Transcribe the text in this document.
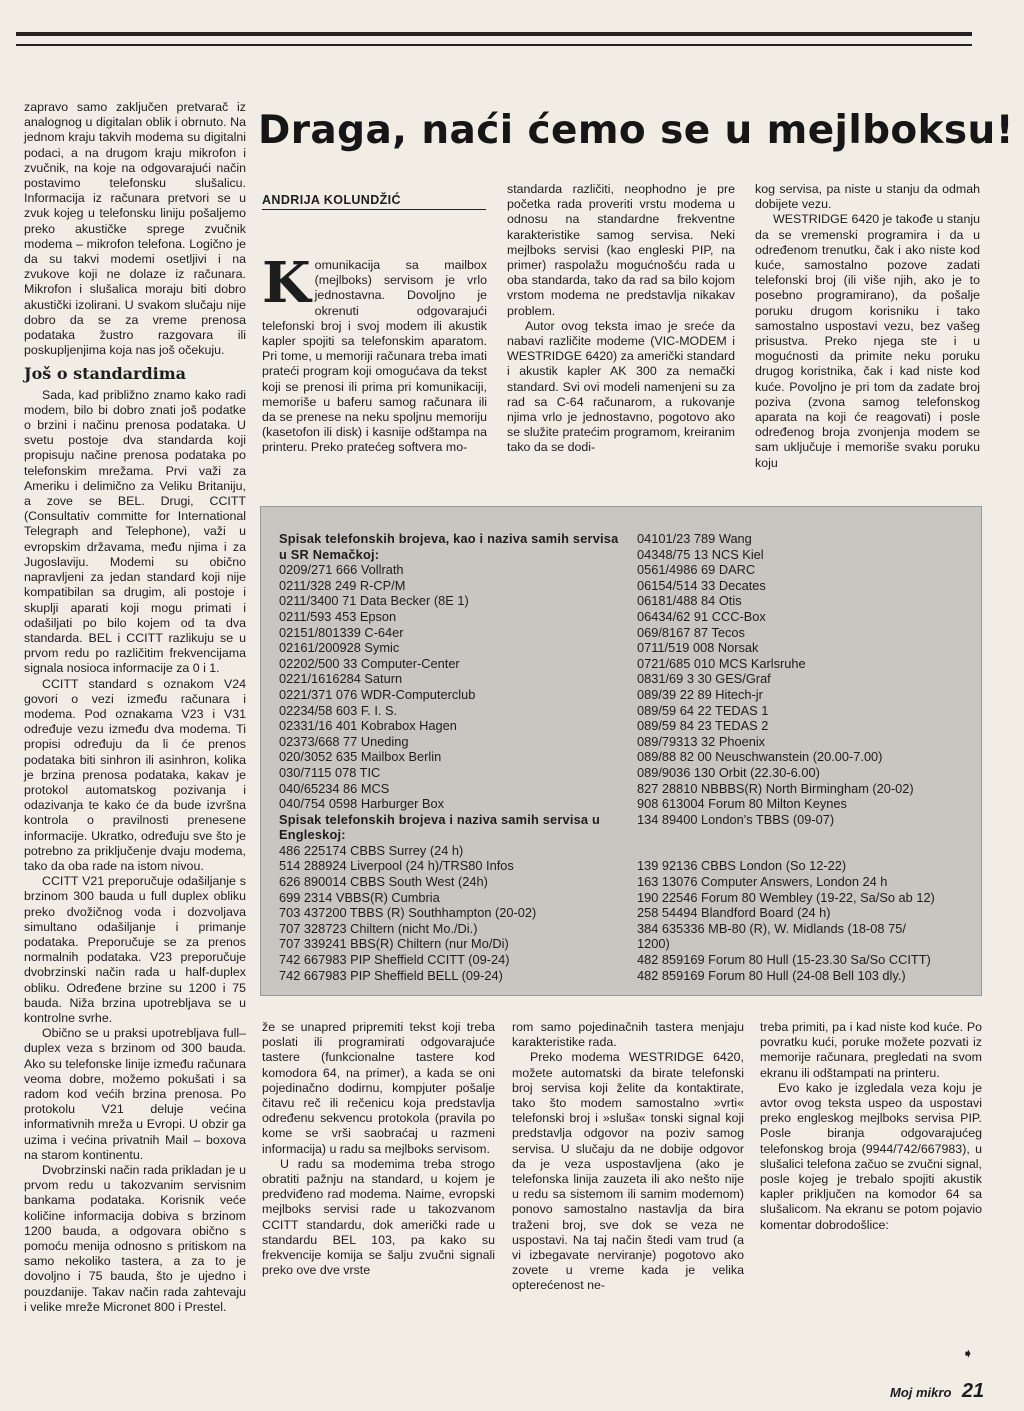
zapravo samo zaključen pretvarač iz analognog u digitalan oblik i obrnuto. Na jednom kraju takvih modema su digitalni podaci, a na drugom kraju mikrofon i zvučnik, na koje na odgovarajući način postavimo telefonsku slušalicu. Informacija iz računara pretvori se u zvuk kojeg u telefonsku liniju pošaljemo preko akustičke sprege zvučnik modema – mikrofon telefona. Logično je da su takvi modemi osetljivi i na zvukove koji ne dolaze iz računara. Mikrofon i slušalica moraju biti dobro akustički izolirani. U svakom slučaju nije dobro da se za vreme prenosa podataka žustro razgovara ili poskupljenjima koja nas još očekuju.

Još o standardima

Sada, kad približno znamo kako radi modem, bilo bi dobro znati još podatke o brzini i načinu prenosa podataka. U svetu postoje dva standarda koji propisuju načine prenosa podataka po telefonskim mrežama. Prvi važi za Ameriku i delimično za Veliku Britaniju, a zove se BEL. Drugi, CCITT (Consultativ committe for International Telegraph and Telephone), važi u evropskim državama, među njima i za Jugoslaviju. Modemi su obično napravljeni za jedan standard koji nije kompatibilan sa drugim, ali postoje i skuplji aparati koji mogu primati i odašiljati po bilo kojem od ta dva standarda. BEL i CCITT razlikuju se u prvom redu po različitim frekvencijama signala nosioca informacije za 0 i 1.

CCITT standard s oznakom V24 govori o vezi između računara i modema. Pod oznakama V23 i V31 određuje vezu između dva modema. Ti propisi određuju da li će prenos podataka biti sinhron ili asinhron, kolika je brzina prenosa podataka, kakav je protokol automatskog pozivanja i odazivanja te kako će da bude izvršna kontrola o pravilnosti prenesene informacije. Ukratko, određuju sve što je potrebno za priključenje dvaju modema, tako da oba rade na istom nivou.

CCITT V21 preporučuje odašiljanje s brzinom 300 bauda u full duplex obliku preko dvožičnog voda i dozvoljava simultano odašiljanje i primanje podataka. Preporučuje se za prenos normalnih podataka. V23 preporučuje dvobrzinski način rada u half-duplex obliku. Određene brzine su 1200 i 75 bauda. Niža brzina upotrebljava se u kontrolne svrhe.

Obično se u praksi upotrebljava full–duplex veza s brzinom od 300 bauda. Ako su telefonske linije između računara veoma dobre, možemo pokušati i sa radom kod većih brzina prenosa. Po protokolu V21 deluje većina informativnih mreža u Evropi. U obzir ga uzima i većina privatnih Mail – boxova na starom kontinentu.

Dvobrzinski način rada prikladan je u prvom redu u takozvanim servisnim bankama podataka. Korisnik veće količine informacija dobiva s brzinom 1200 bauda, a odgovara obično s pomoću menija odnosno s pritiskom na samo nekoliko tastera, a za to je dovoljno i 75 bauda, što je ujedno i pouzdanije. Takav način rada zahtevaju i velike mreže Micronet 800 i Prestel.

Draga, naći ćemo se u mejlboksu!
ANDRIJA KOLUNDŽIĆ
K omunikacija sa mailbox (mejlboks) servisom je vrlo jednostavna. Dovoljno je okrenuti odgovarajući telefonski broj i svoj modem ili akustik kapler spojiti sa telefonskim aparatom. Pri tome, u memoriji računara treba imati prateći program koji omogućava da tekst koji se prenosi ili prima pri komunikaciji, memoriše u baferu samog računara ili da se prenese na neku spoljnu memoriju (kasetofon ili disk) i kasnije odštampa na printeru. Preko pratećeg softvera mo-

standarda različiti, neophodno je pre početka rada proveriti vrstu modema u odnosu na standardne frekventne karakteristike samog servisa. Neki mejlboks servisi (kao engleski PIP, na primer) raspolažu mogućnošću rada u oba standarda, tako da rad sa bilo kojom vrstom modema ne predstavlja nikakav problem.

Autor ovog teksta imao je sreće da nabavi različite modeme (VIC-MODEM i WESTRIDGE 6420) za američki standard i akustik kapler AK 300 za nemački standard. Svi ovi modeli namenjeni su za rad sa C-64 računarom, a rukovanje njima vrlo je jednostavno, pogotovo ako se služite pratećim programom, kreiranim tako da se dodi-

kog servisa, pa niste u stanju da odmah dobijete vezu.

WESTRIDGE 6420 je takođe u stanju da se vremenski programira i da u određenom trenutku, čak i ako niste kod kuće, samostalno pozove zadati telefonski broj (ili više njih, ako je to posebno programirano), da pošalje poruku drugom korisniku i tako samostalno uspostavi vezu, bez vašeg prisustva. Preko njega ste i u mogućnosti da primite neku poruku drugog koristnika, čak i kad niste kod kuće. Povoljno je pri tom da zadate broj poziva (zvona samog telefonskog aparata na koji će reagovati) i posle određenog broja zvonjenja modem se sam uključuje i memoriše svaku poruku koju

Spisak telefonskih brojeva, kao i naziva samih servisa u SR Nemačkoj:
0209/271 666 Vollrath
0211/328 249 R-CP/M
0211/3400 71 Data Becker (8E 1)
0211/593 453 Epson
02151/801339 C-64er
02161/200928 Symic
02202/500 33 Computer-Center
0221/1616284 Saturn
0221/371 076 WDR-Computerclub
02234/58 603 F. I. S.
02331/16 401 Kobrabox Hagen
02373/668 77 Uneding
020/3052 635 Mailbox Berlin
030/7115 078 TIC
040/65234 86 MCS
040/754 0598 Harburger Box
Spisak telefonskih brojeva i naziva samih servisa u Engleskoj:
486 225174 CBBS Surrey (24 h)
514 288924 Liverpool (24 h)/TRS80 Infos
626 890014 CBBS South West (24h)
699 2314 VBBS(R) Cumbria
703 437200 TBBS (R) Southhampton (20-02)
707 328723 Chiltern (nicht Mo./Di.)
707 339241 BBS(R) Chiltern (nur Mo/Di)
742 667983 PIP Sheffield CCITT (09-24)
742 667983 PIP Sheffield BELL (09-24)
04101/23 789 Wang
04348/75 13 NCS Kiel
0561/4986 69 DARC
06154/514 33 Decates
06181/488 84 Otis
06434/62 91 CCC-Box
069/8167 87 Tecos
0711/519 008 Norsak
0721/685 010 MCS Karlsruhe
0831/69 3 30 GES/Graf
089/39 22 89 Hitech-jr
089/59 64 22 TEDAS 1
089/59 84 23 TEDAS 2
089/79313 32 Phoenix
089/88 82 00 Neuschwanstein (20.00-7.00)
089/9036 130 Orbit (22.30-6.00)
827 28810 NBBBS(R) North Birmingham (20-02)
908 613004 Forum 80 Milton Keynes
134 89400 London's TBBS (09-07)

139 92136 CBBS London (So 12-22)
163 13076 Computer Answers, London 24 h
190 22546 Forum 80 Wembley (19-22, Sa/So ab 12)
258 54494 Blandford Board (24 h)
384 635336 MB-80 (R), W. Midlands (18-08 75/
1200)
482 859169 Forum 80 Hull (15-23.30 Sa/So CCITT)
482 859169 Forum 80 Hull (24-08 Bell 103 dly.)

že se unapred pripremiti tekst koji treba poslati ili programirati odgovarajuće tastere (funkcionalne tastere kod komodora 64, na primer), a kada se oni pojedinačno dodirnu, kompjuter pošalje čitavu reč ili rečenicu koja predstavlja određenu sekvencu protokola (pravila po kome se vrši saobraćaj u razmeni informacija) u radu sa mejlboks servisom.

U radu sa modemima treba strogo obratiti pažnju na standard, u kojem je predviđeno rad modema. Naime, evropski mejlboks servisi rade u takozvanom CCITT standardu, dok američki rade u standardu BEL 103, pa kako su frekvencije komija se šalju zvučni signali preko ove dve vrste

rom samo pojedinačnih tastera menjaju karakteristike rada.

Preko modema WESTRIDGE 6420, možete automatski da birate telefonski broj servisa koji želite da kontaktirate, tako što modem samostalno »vrti« telefonski broj i »sluša« tonski signal koji predstavlja odgovor na poziv samog servisa. U slučaju da ne dobije odgovor da je veza uspostavljena (ako je telefonska linija zauzeta ili ako nešto nije u redu sa sistemom ili samim modemom) ponovo samostalno nastavlja da bira traženi broj, sve dok se veza ne uspostavi. Na taj način štedi vam trud (a vi izbegavate nerviranje) pogotovo ako zovete u vreme kada je velika opterećenost ne-

treba primiti, pa i kad niste kod kuće. Po povratku kući, poruke možete pozvati iz memorije računara, pregledati na svom ekranu ili odštampati na printeru.

Evo kako je izgledala veza koju je avtor ovog teksta uspeo da uspostavi preko engleskog mejlboks servisa PIP. Posle biranja odgovarajućeg telefonskog broja (9944/742/667983), u slušalici telefona začuo se zvučni signal, posle kojeg je trebalo spojiti akustik kapler priključen na komodor 64 sa slušalicom. Na ekranu se potom pojavio komentar dobrodošlice:

➧
Moj mikro 21
